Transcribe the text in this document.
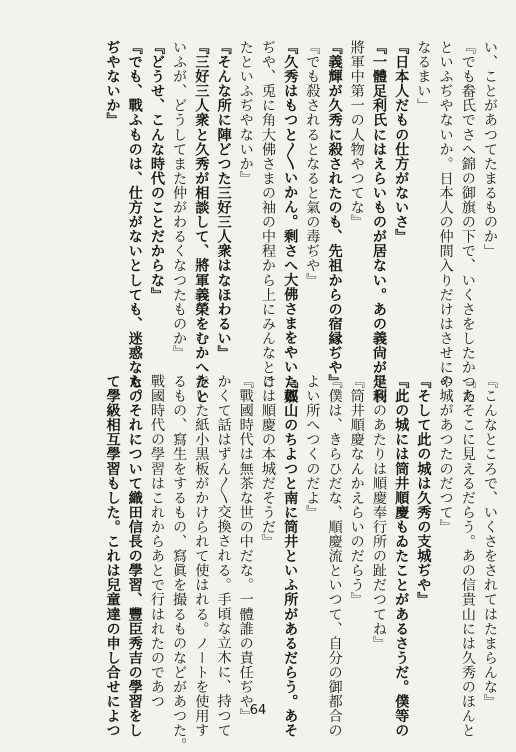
い、ことがあつてたまるものか」
『でも畚氏でさへ錦の御旗の下で、いくさをしたかつた
といふぢやないか。日本人の仲間入りだけはさせにや
なるまい」
『日本人だもの仕方がないさ』
『一體足利氏にはえらいものが居ない。あの義尙が足利
將軍中第一の人物やつてな』
『義輝が久秀に殺されたのも、先祖からの宿縁ぢや』
『でも殺されるとなると氣の毒ぢや』
『久秀はもつと〳〵いかん。剩さへ大佛さまをやいた奴
ぢや、兎に角大佛さまの袖の中程から上にみんなとけ
たといふぢやないか』
『そんな所に陣どつた三好三人衆はなほわるい』
『三好三人衆と久秀が相談して、將軍義榮をむかへたと
いふが、どうしてまた仲がわるくなつたものか』
『どうせ、こんな時代のことだからな』
『でも、戰ふものは、仕方がないとしても、迷惑なもの
ぢやないか』
『こんなところで、いくさをされてはたまらんな』
『あそこに見えるだらう。あの信貴山には久秀のほんと
の城があつたのだつて』
『そして此の城は久秀の支城ぢや』
『此の城には筒井順慶もゐたことがあるさうだ。僕等の
學校のあたりは順慶奉行所の趾だつてね』
『筒井順慶なんかえらいのだらう』
『僕は、きらひだな、順慶流といつて、自分の御都合の
よい所へつくのだよ』
『郡山のちよつと南に筒井といふ所があるだらう。あそ
こは順慶の本城だそうだ』
『戰國時代は無茶な世の中だな。一體誰の責任ぢや』
かくて話はずん〳〵交換される。手頃な立木に、持つて
歩いた紙小黒板がかけられて使はれる。ノートを使用す
るもの、寫生をするもの、寫眞を撮るものなどがあつた。
戰國時代の學習はこれからあとで行はれたのであつ
た。それについて織田信長の學習、豐臣秀吉の學習をし
て學級相互學習もした。これは兒童達の申し合せによつ	64
